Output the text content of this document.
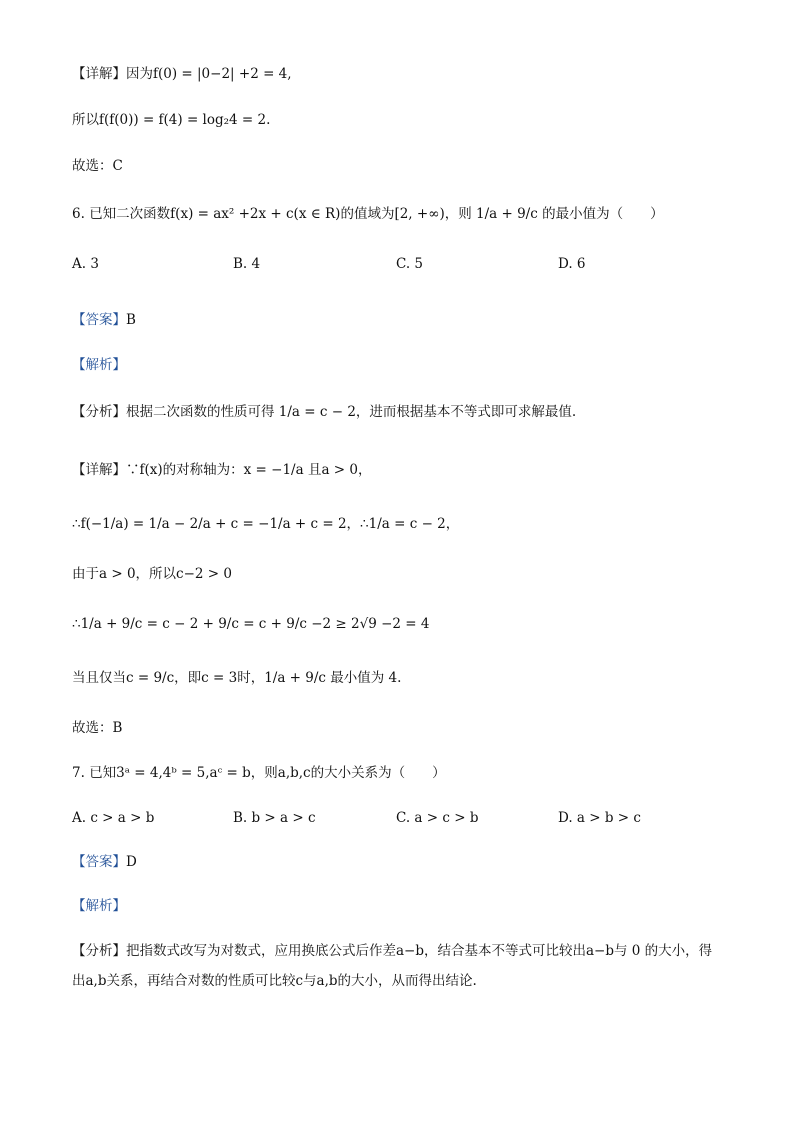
【详解】因为f(0) = |0−2| +2 = 4,
所以f(f(0)) = f(4) = log₂4 = 2.
故选：C
6. 已知二次函数f(x) = ax² +2x + c(x ∈ R)的值域为[2, +∞)，则 1/a + 9/c 的最小值为（　　）
A. 3	B. 4	C. 5	D. 6
【答案】B
【解析】
【分析】根据二次函数的性质可得 1/a = c − 2，进而根据基本不等式即可求解最值.
【详解】∵f(x)的对称轴为：x = −1/a 且a > 0，
∴f(−1/a) = 1/a − 2/a + c = −1/a + c = 2，∴1/a = c − 2，
由于a > 0，所以c−2 > 0
∴1/a + 9/c = c − 2 + 9/c = c + 9/c −2 ≥ 2√9 −2 = 4
当且仅当c = 9/c，即c = 3时，1/a + 9/c 最小值为 4.
故选：B
7. 已知3ᵃ = 4,4ᵇ = 5,aᶜ = b，则a,b,c的大小关系为（　　）
A. c > a > b	B. b > a > c	C. a > c > b	D. a > b > c
【答案】D
【解析】
【分析】把指数式改写为对数式，应用换底公式后作差a−b，结合基本不等式可比较出a−b与 0 的大小，得出a,b关系，再结合对数的性质可比较c与a,b的大小，从而得出结论.
